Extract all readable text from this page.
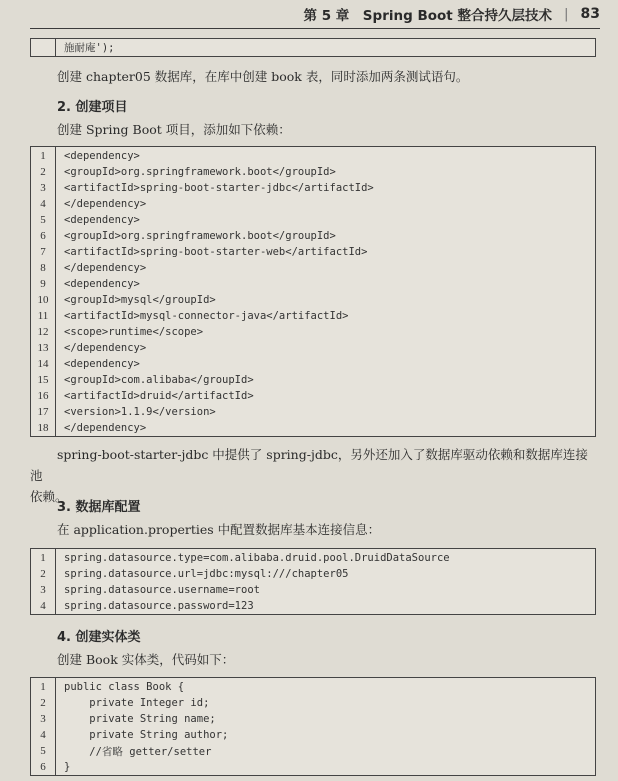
第 5 章　Spring Boot 整合持久层技术 | 83
施耐庵');
创建 chapter05 数据库，在库中创建 book 表，同时添加两条测试语句。
2. 创建项目
创建 Spring Boot 项目，添加如下依赖：
1	<dependency>
2	<groupId>org.springframework.boot</groupId>
3	<artifactId>spring-boot-starter-jdbc</artifactId>
4	</dependency>
5	<dependency>
6	<groupId>org.springframework.boot</groupId>
7	<artifactId>spring-boot-starter-web</artifactId>
8	</dependency>
9	<dependency>
10	<groupId>mysql</groupId>
11	<artifactId>mysql-connector-java</artifactId>
12	<scope>runtime</scope>
13	</dependency>
14	<dependency>
15	<groupId>com.alibaba</groupId>
16	<artifactId>druid</artifactId>
17	<version>1.1.9</version>
18	</dependency>
spring-boot-starter-jdbc 中提供了 spring-jdbc，另外还加入了数据库驱动依赖和数据库连接池
依赖。
3. 数据库配置
在 application.properties 中配置数据库基本连接信息：
1	spring.datasource.type=com.alibaba.druid.pool.DruidDataSource
2	spring.datasource.url=jdbc:mysql:///chapter05
3	spring.datasource.username=root
4	spring.datasource.password=123
4. 创建实体类
创建 Book 实体类，代码如下：
1	public class Book {
2	private Integer id;
3	private String name;
4	private String author;
5	//省略 getter/setter
6	}
